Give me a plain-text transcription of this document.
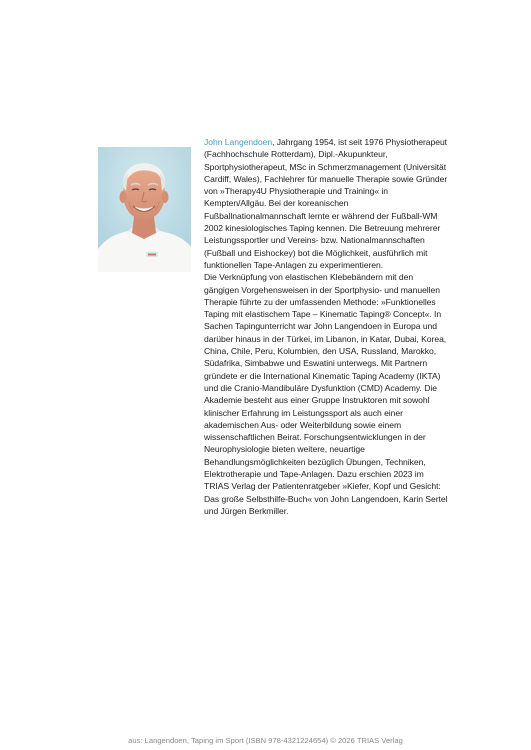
John Langendoen, Jahrgang 1954, ist seit 1976 Physiotherapeut (Fachhochschule Rotterdam), Dipl.-Akupunkteur, Sportphysiotherapeut, MSc in Schmerzmanagement (Universität Cardiff, Wales), Fachlehrer für manuelle Therapie sowie Gründer von »Therapy4U Physiotherapie und Training« in Kempten/Allgäu. Bei der koreanischen Fußballnationalmannschaft lernte er während der Fußball-WM 2002 kinesiologisches Taping kennen. Die Betreuung mehrerer Leistungssportler und Vereins- bzw. Nationalmannschaften (Fußball und Eishockey) bot die Möglichkeit, ausführlich mit funktionellen Tape-Anlagen zu experimentieren.

Die Verknüpfung von elastischen Klebebändern mit den gängigen Vorgehensweisen in der Sportphysio- und manuellen Therapie führte zu der umfassenden Methode: »Funktionelles Taping mit elastischem Tape – Kinematic Taping® Concept«. In Sachen Tapingunterricht war John Langendoen in Europa und darüber hinaus in der Türkei, im Libanon, in Katar, Dubai, Korea, China, Chile, Peru, Kolumbien, den USA, Russland, Marokko, Südafrika, Simbabwe und Eswatini unterwegs. Mit Partnern gründete er die International Kinematic Taping Academy (IKTA) und die Cranio-Mandibuläre Dysfunktion (CMD) Academy. Die Akademie besteht aus einer Gruppe Instruktoren mit sowohl klinischer Erfahrung im Leistungssport als auch einer akademischen Aus- oder Weiterbildung sowie einem wissenschaftlichen Beirat. Forschungsentwicklungen in der Neurophysiologie bieten weitere, neuartige Behandlungsmöglichkeiten bezüglich Übungen, Techniken, Elektrotherapie und Tape-Anlagen. Dazu erschien 2023 im TRIAS Verlag der Patientenratgeber »Kiefer, Kopf und Gesicht: Das große Selbsthilfe-Buch« von John Langendoen, Karin Sertel und Jürgen Berkmiller.

aus: Langendoen, Taping im Sport (ISBN 978-4321224654) © 2026 TRIAS Verlag
